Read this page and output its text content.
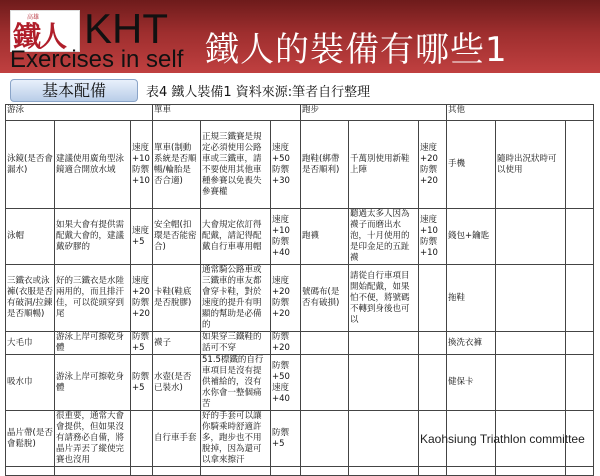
鐵人
高雄 KHT
Exercises in self 鐵人的裝備有哪些1
基本配備	表4 鐵人裝備1 資料來源:筆者自行整理
游泳			單車			跑步			其他		
泳鏡(是否會漏水)	建議使用廣角型泳鏡適合開放水域	速度+10 防禦+10	單車(制動系統是否順暢/輪胎是否合適)	正規三鐵賽是規定必須使用公路車或三鐵車，請不要使用其他車種參賽以免喪失參賽權	速度+50 防禦+30	跑鞋(綁帶是否順利)	千萬別使用新鞋上陣	速度+20 防禦+20	手機	隨時出況狀時可以使用	
泳帽	如果大會有提供需配戴大會的，建議戴矽膠的	速度+5	安全帽(扣環是否能密合)	大會規定依訂得配戴，請記得配戴自行車專用帽	速度+10 防禦+40	跑襪	聽過太多人因為襪子而磨出水泡，十月使用的是印金足的五趾襪	速度+10 防禦+10	錢包+鑰匙		
三鐵衣或泳褲(衣服是否有破洞/拉鍊是否順暢)	好的三鐵衣是水陸兩用的，而且排汗佳，可以從頭穿到尾	速度+20 防禦+20	卡鞋(鞋底是否脫膠)	通常騎公路車或三鐵車的車友都會穿卡鞋，對於速度的提升有明顯的幫助是必備的	速度+20 防禦+20	號碼布(是否有破損)	請從自行車項目開始配戴，如果怕不便，將號碼不轉到身後也可以		拖鞋		
大毛巾	游泳上岸可擦乾身體	防禦+5	襪子	如果穿三鐵鞋的話可不穿	防禦+20				換洗衣褲		
吸水巾	游泳上岸可擦乾身體	防禦+5	水壺(是否已裝水)	51.5標鐵的自行車項目是沒有提供補給的，沒有水你會一整個痛苦	防禦+50 速度+40				健保卡		
晶片帶(是否會鬆脫)	很重要，通常大會會提供，但如果沒有請務必自備，將晶片弄丟了縱使完賽也沒用		自行車手套	好的手套可以讓你騎乘時舒適許多，跑步也不用脫掉，因為還可以拿來擦汗	防禦+5						
												Kaohsiung Triathlon committee
